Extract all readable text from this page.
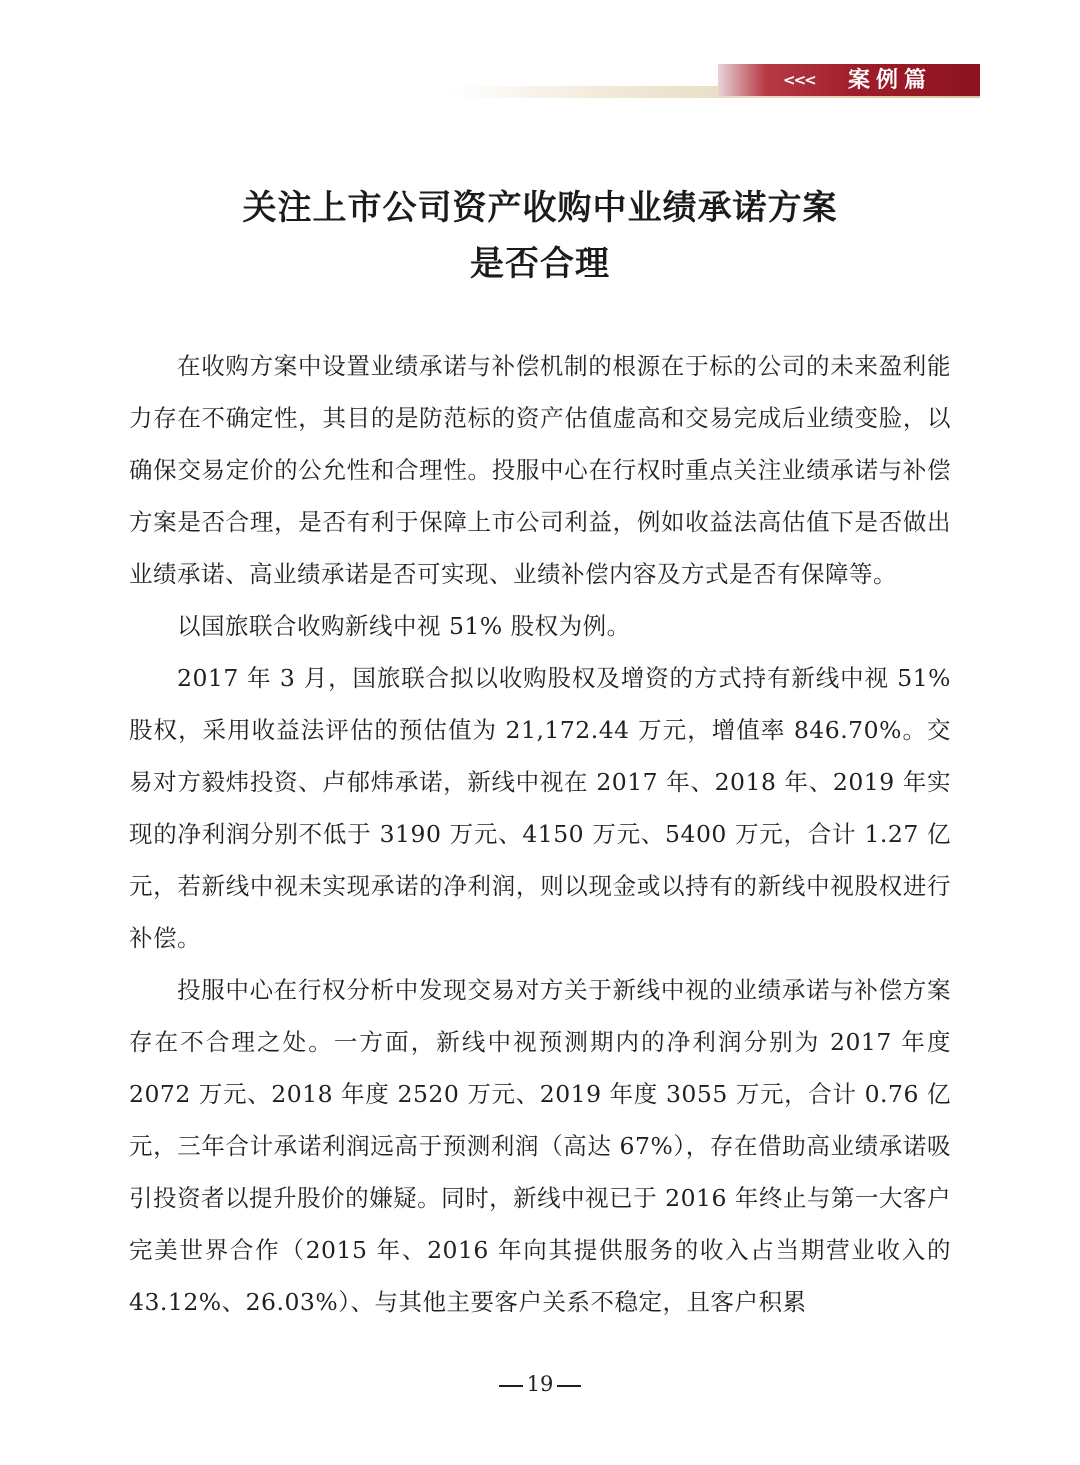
<<< 案例篇
关注上市公司资产收购中业绩承诺方案
是否合理

在收购方案中设置业绩承诺与补偿机制的根源在于标的公司的未来盈利能力存在不确定性，其目的是防范标的资产估值虚高和交易完成后业绩变脸，以确保交易定价的公允性和合理性。投服中心在行权时重点关注业绩承诺与补偿方案是否合理，是否有利于保障上市公司利益，例如收益法高估值下是否做出业绩承诺、高业绩承诺是否可实现、业绩补偿内容及方式是否有保障等。

以国旅联合收购新线中视 51% 股权为例。

2017 年 3 月，国旅联合拟以收购股权及增资的方式持有新线中视 51% 股权，采用收益法评估的预估值为 21,172.44 万元，增值率 846.70%。交易对方毅炜投资、卢郁炜承诺，新线中视在 2017 年、2018 年、2019 年实现的净利润分别不低于 3190 万元、4150 万元、5400 万元，合计 1.27 亿元，若新线中视未实现承诺的净利润，则以现金或以持有的新线中视股权进行补偿。

投服中心在行权分析中发现交易对方关于新线中视的业绩承诺与补偿方案存在不合理之处。一方面，新线中视预测期内的净利润分别为 2017 年度 2072 万元、2018 年度 2520 万元、2019 年度 3055 万元，合计 0.76 亿元，三年合计承诺利润远高于预测利润（高达 67%），存在借助高业绩承诺吸引投资者以提升股价的嫌疑。同时，新线中视已于 2016 年终止与第一大客户完美世界合作（2015 年、2016 年向其提供服务的收入占当期营业收入的 43.12%、26.03%）、与其他主要客户关系不稳定，且客户积累

19
